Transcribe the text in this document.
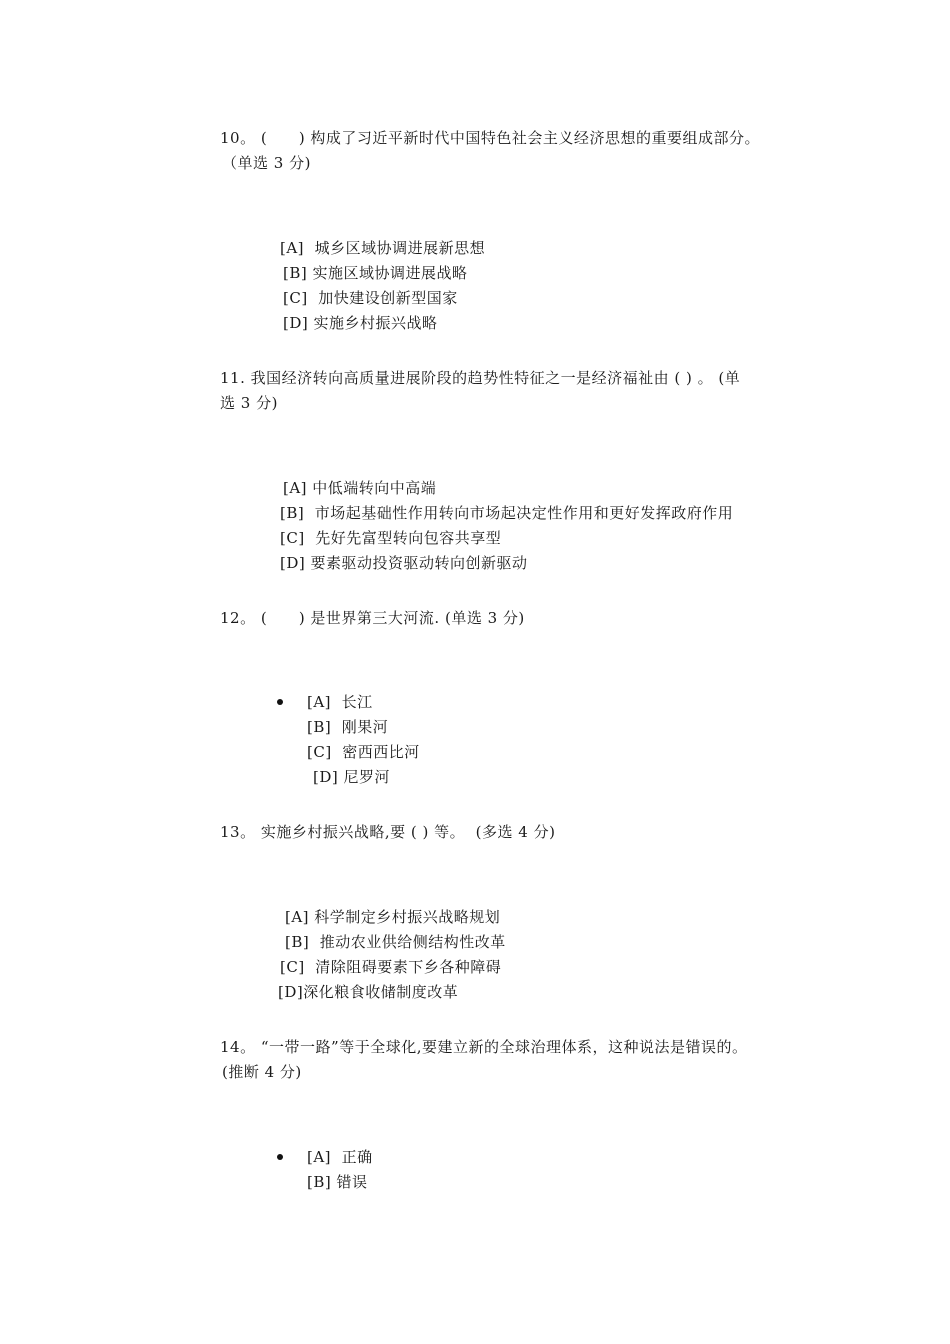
10。 (      ) 构成了习近平新时代中国特色社会主义经济思想的重要组成部分。
（单选 3 分)
[A]  城乡区域协调进展新思想
[B] 实施区域协调进展战略
[C]  加快建设创新型国家
[D] 实施乡村振兴战略
11. 我国经济转向高质量进展阶段的趋势性特征之一是经济福祉由 ( ) 。 (单
选 3 分)
[A] 中低端转向中高端
[B]  市场起基础性作用转向市场起决定性作用和更好发挥政府作用
[C]  先好先富型转向包容共享型
[D] 要素驱动投资驱动转向创新驱动
12。 (      ) 是世界第三大河流. (单选 3 分)
[A]  长江
[B]  刚果河
[C]  密西西比河
[D] 尼罗河
13。 实施乡村振兴战略,要 ( ) 等。  (多选 4 分)
[A] 科学制定乡村振兴战略规划
[B]  推动农业供给侧结构性改革
[C]  清除阻碍要素下乡各种障碍
[D]深化粮食收储制度改革
14。 “一带一路”等于全球化,要建立新的全球治理体系，这种说法是错误的。
(推断 4 分)
[A]  正确
[B] 错误
